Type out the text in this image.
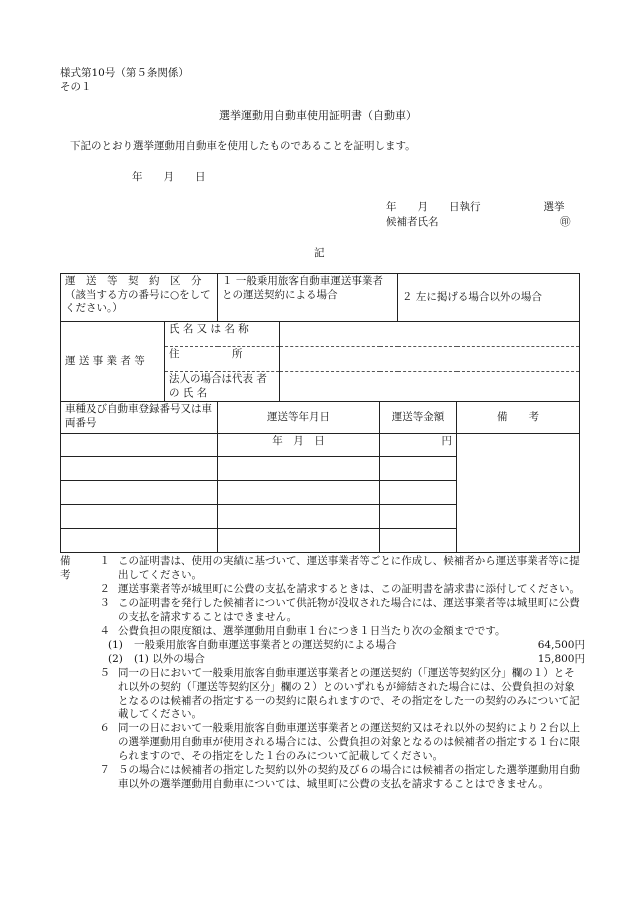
様式第10号（第５条関係）
その１
選挙運動用自動車使用証明書（自動車）
下記のとおり選挙運動用自動車を使用したものであることを証明します。
年　　月　　日
年　　月　　日執行　　　　　　選挙
候補者氏名	㊞
記
運　送　等　契　約　区　分（該当する方の番号に○をしてください。）		１ 一般乗用旅客自動車運送事業者との運送契約による場合			２ 左に掲げる場合以外の場合	
運 送 事 業 者 等	氏 名 又 は 名 称					
	住　　　　　所					
	法人の場合は代表 者 の 氏 名					
車種及び自動車登録番号又は車両番号		運送等年月日		運送等金額		備　　考
		年　月　日		円		

備考
１ この証明書は、使用の実績に基づいて、運送事業者等ごとに作成し、候補者から運送事業者等に提出してください。
２ 運送事業者等が城里町に公費の支払を請求するときは、この証明書を請求書に添付してください。
３ この証明書を発行した候補者について供託物が没収された場合には、運送事業者等は城里町に公費の支払を請求することはできません。
４ 公費負担の限度額は、選挙運動用自動車１台につき１日当たり次の金額までです。
(1)	一般乗用旅客自動車運送事業者との運送契約による場合	64,500円
(2)	(1) 以外の場合	15,800円
５ 同一の日において一般乗用旅客自動車運送事業者との運送契約（「運送等契約区分」欄の１）とそれ以外の契約（「運送等契約区分」欄の２）とのいずれもが締結された場合には、公費負担の対象となるのは候補者の指定する一の契約に限られますので、その指定をした一の契約のみについて記載してください。
６ 同一の日において一般乗用旅客自動車運送事業者との運送契約又はそれ以外の契約により２台以上の選挙運動用自動車が使用される場合には、公費負担の対象となるのは候補者の指定する１台に限られますので、その指定をした１台のみについて記載してください。
７ ５の場合には候補者の指定した契約以外の契約及び６の場合には候補者の指定した選挙運動用自動車以外の選挙運動用自動車については、城里町に公費の支払を請求することはできません。
